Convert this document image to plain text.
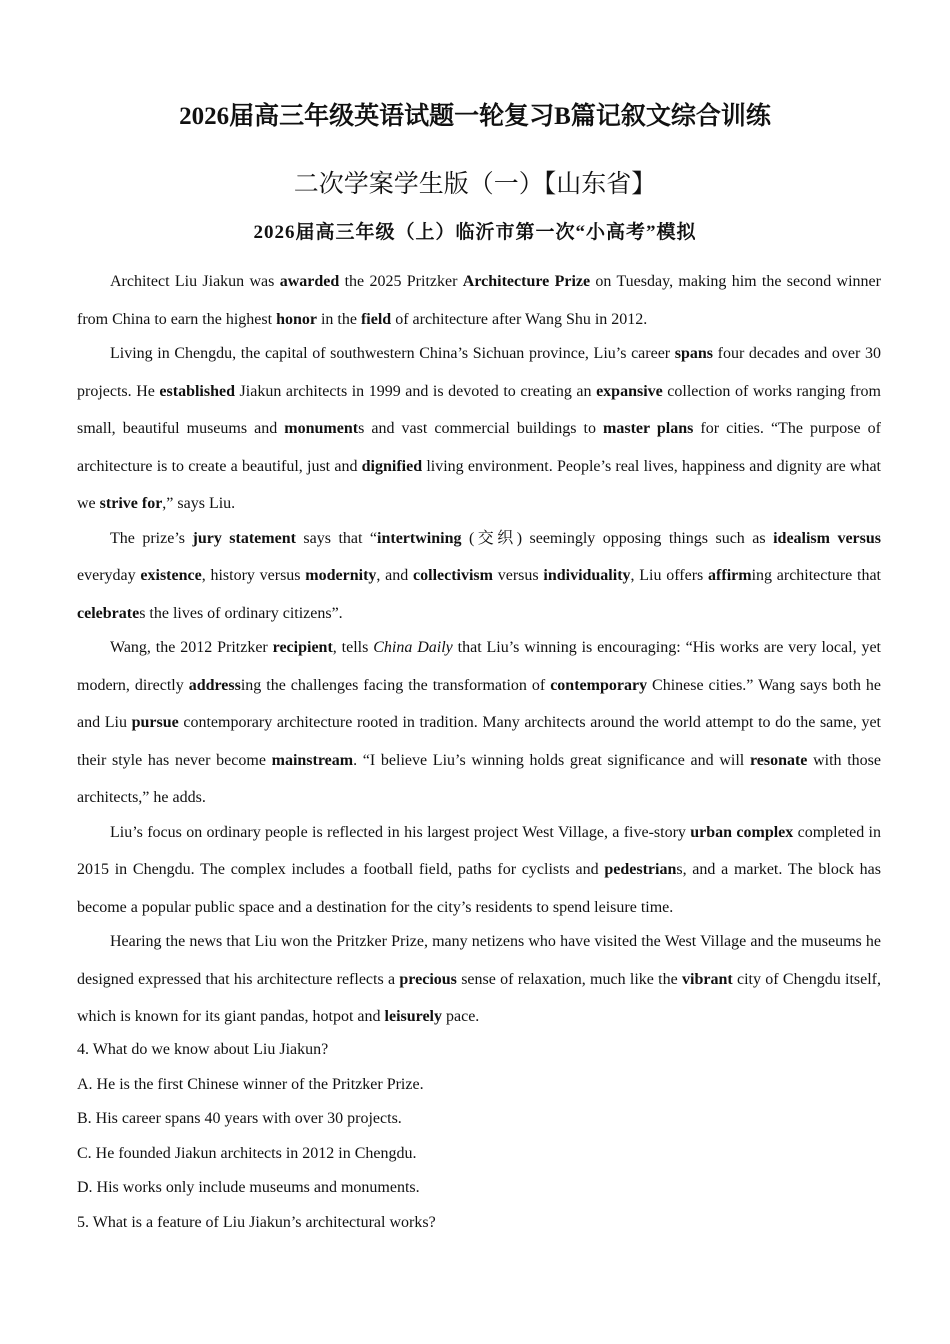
2026届高三年级英语试题一轮复习B篇记叙文综合训练
二次学案学生版（一）【山东省】
2026届高三年级（上）临沂市第一次“小高考”模拟

Architect Liu Jiakun was awarded the 2025 Pritzker Architecture Prize on Tuesday, making him the second winner from China to earn the highest honor in the field of architecture after Wang Shu in 2012.

Living in Chengdu, the capital of southwestern China’s Sichuan province, Liu’s career spans four decades and over 30 projects. He established Jiakun architects in 1999 and is devoted to creating an expansive collection of works ranging from small, beautiful museums and monuments and vast commercial buildings to master plans for cities. “The purpose of architecture is to create a beautiful, just and dignified living environment. People’s real lives, happiness and dignity are what we strive for,” says Liu.

The prize’s jury statement says that “intertwining (交织) seemingly opposing things such as idealism versus everyday existence, history versus modernity, and collectivism versus individuality, Liu offers affirming architecture that celebrates the lives of ordinary citizens”.

Wang, the 2012 Pritzker recipient, tells China Daily that Liu’s winning is encouraging: “His works are very local, yet modern, directly addressing the challenges facing the transformation of contemporary Chinese cities.” Wang says both he and Liu pursue contemporary architecture rooted in tradition. Many architects around the world attempt to do the same, yet their style has never become mainstream. “I believe Liu’s winning holds great significance and will resonate with those architects,” he adds.

Liu’s focus on ordinary people is reflected in his largest project West Village, a five-story urban complex completed in 2015 in Chengdu. The complex includes a football field, paths for cyclists and pedestrians, and a market. The block has become a popular public space and a destination for the city’s residents to spend leisure time.

Hearing the news that Liu won the Pritzker Prize, many netizens who have visited the West Village and the museums he designed expressed that his architecture reflects a precious sense of relaxation, much like the vibrant city of Chengdu itself, which is known for its giant pandas, hotpot and leisurely pace.

4. What do we know about Liu Jiakun?
A. He is the first Chinese winner of the Pritzker Prize.
B. His career spans 40 years with over 30 projects.
C. He founded Jiakun architects in 2012 in Chengdu.
D. His works only include museums and monuments.
5. What is a feature of Liu Jiakun’s architectural works?
